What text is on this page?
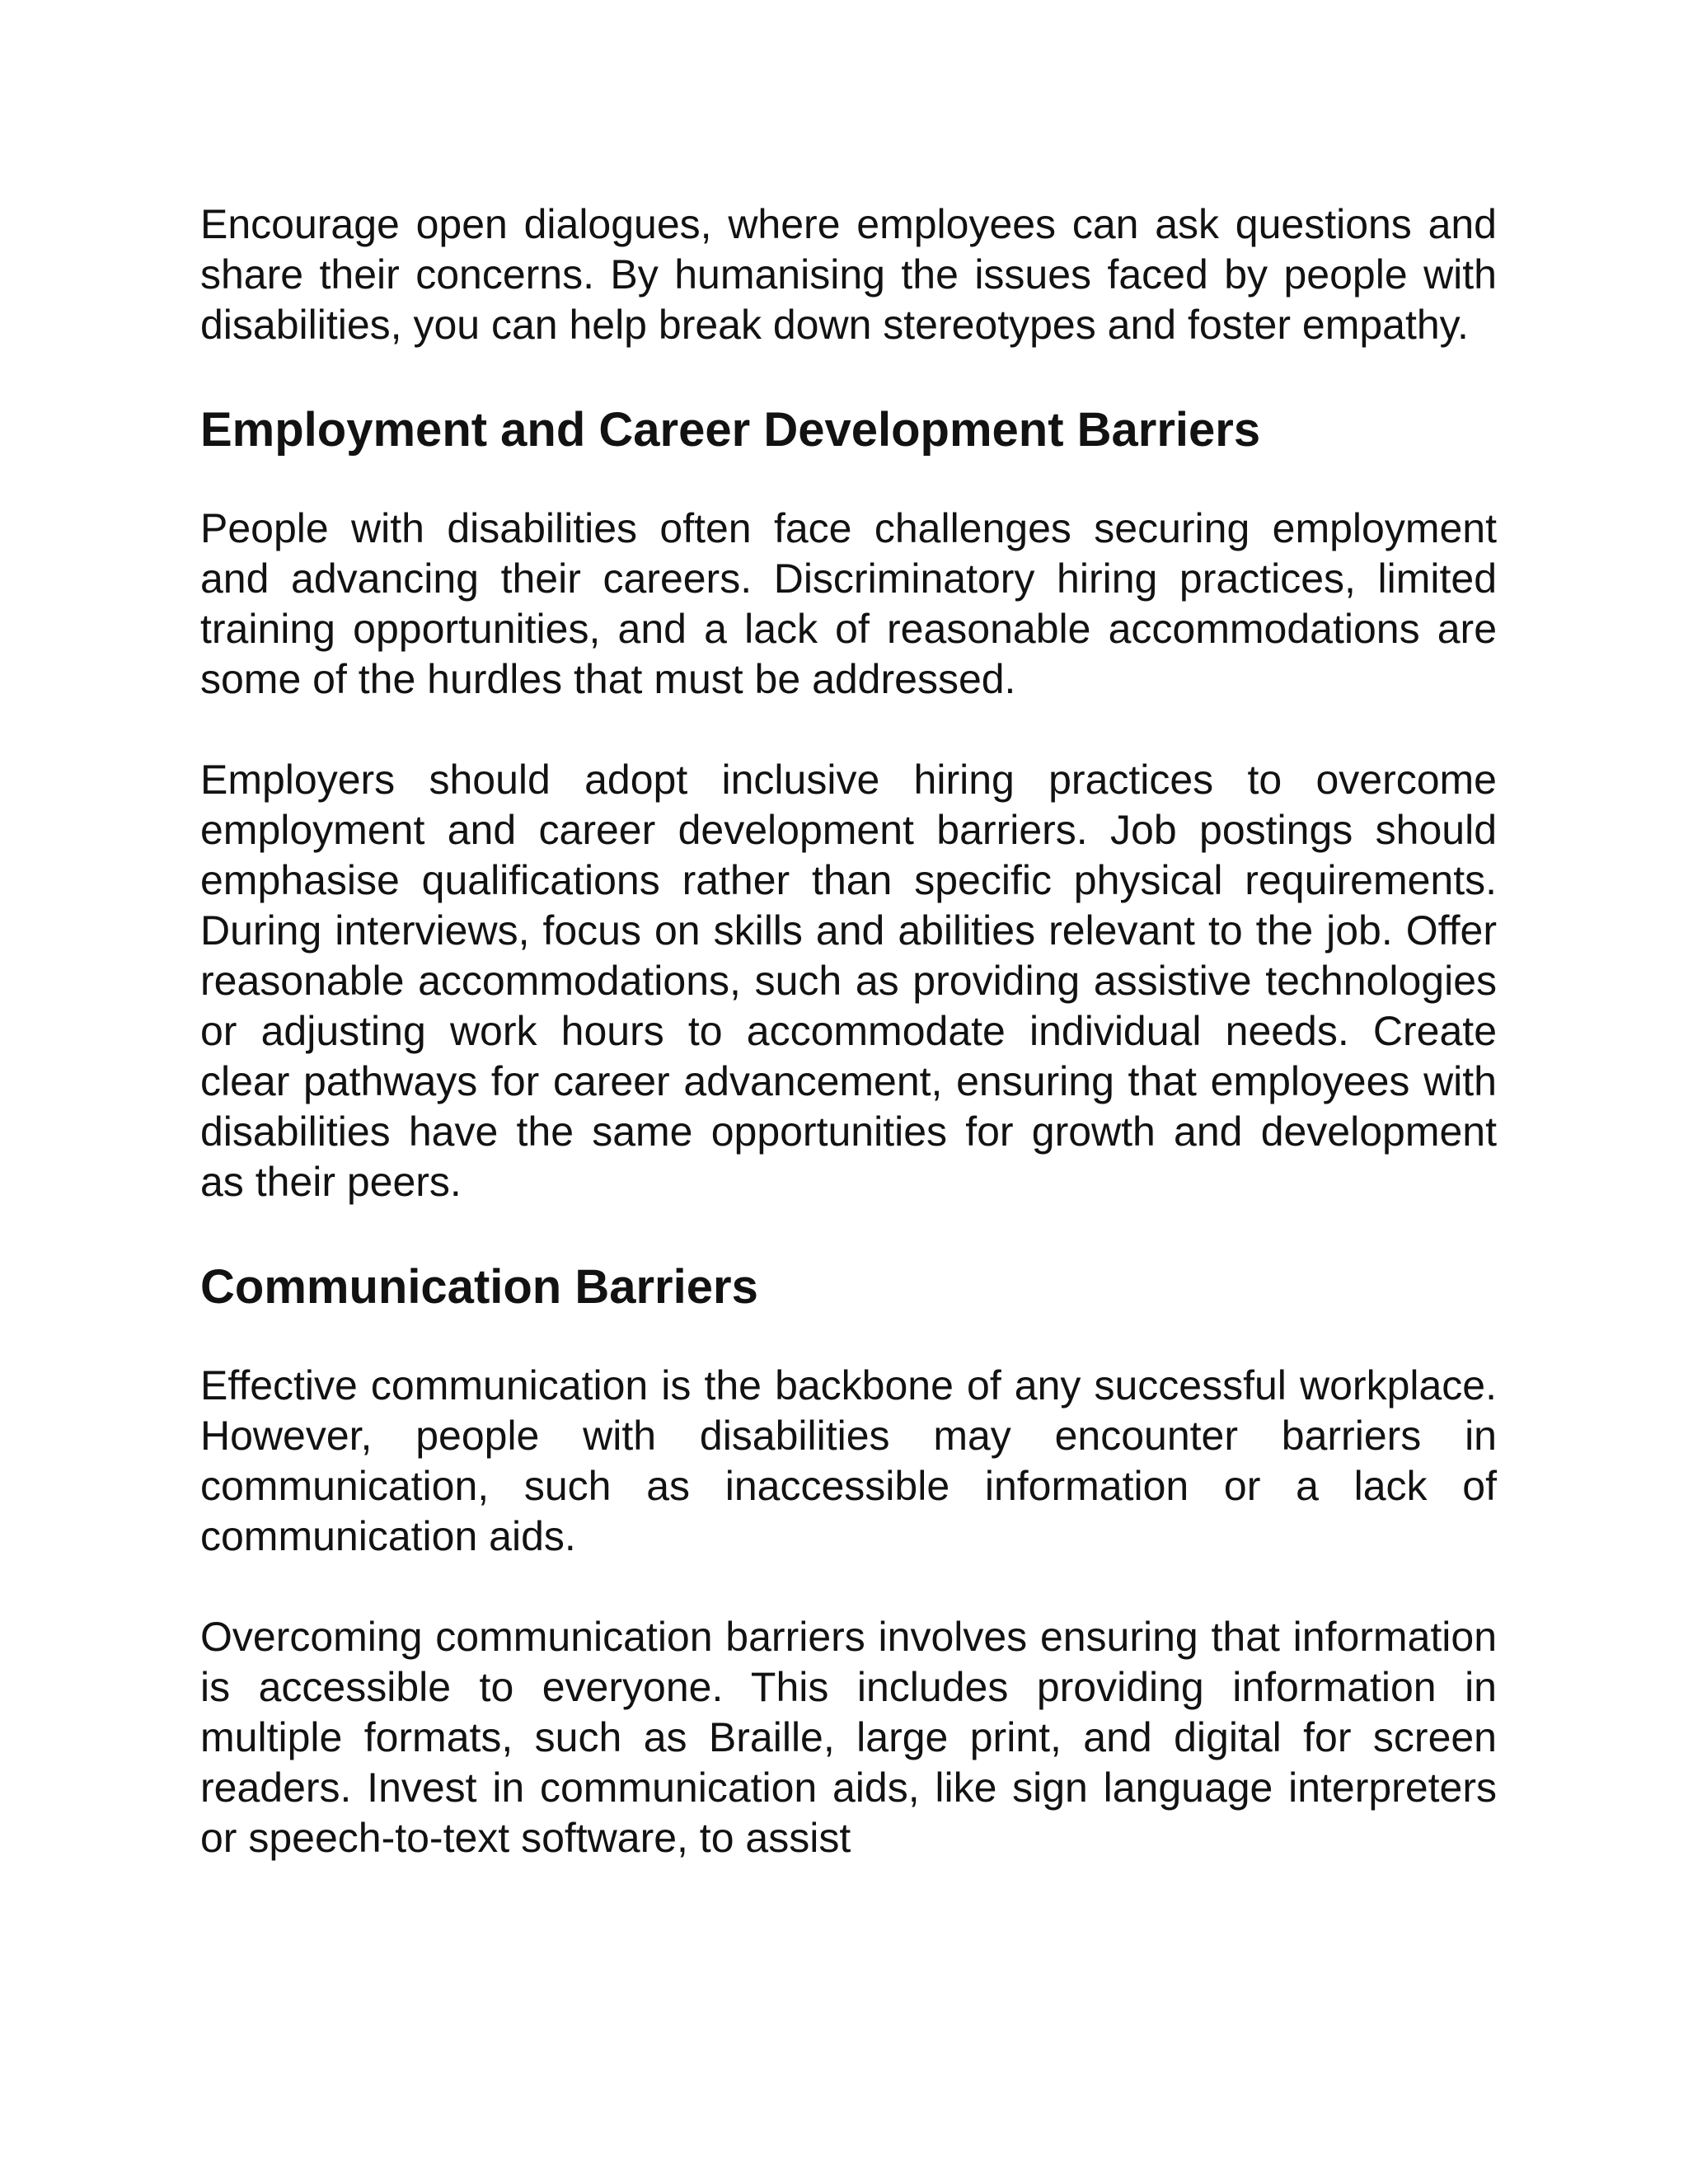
Encourage open dialogues, where employees can ask questions and share their concerns. By humanising the issues faced by people with disabilities, you can help break down stereotypes and foster empathy.

Employment and Career Development Barriers

People with disabilities often face challenges securing employment and advancing their careers. Discriminatory hiring practices, limited training opportunities, and a lack of reasonable accommodations are some of the hurdles that must be addressed.

Employers should adopt inclusive hiring practices to overcome employment and career development barriers. Job postings should emphasise qualifications rather than specific physical requirements. During interviews, focus on skills and abilities relevant to the job. Offer reasonable accommodations, such as providing assistive technologies or adjusting work hours to accommodate individual needs. Create clear pathways for career advancement, ensuring that employees with disabilities have the same opportunities for growth and development as their peers.

Communication Barriers

Effective communication is the backbone of any successful workplace. However, people with disabilities may encounter barriers in communication, such as inaccessible information or a lack of communication aids.

Overcoming communication barriers involves ensuring that information is accessible to everyone. This includes providing information in multiple formats, such as Braille, large print, and digital for screen readers. Invest in communication aids, like sign language interpreters or speech-to-text software, to assist
